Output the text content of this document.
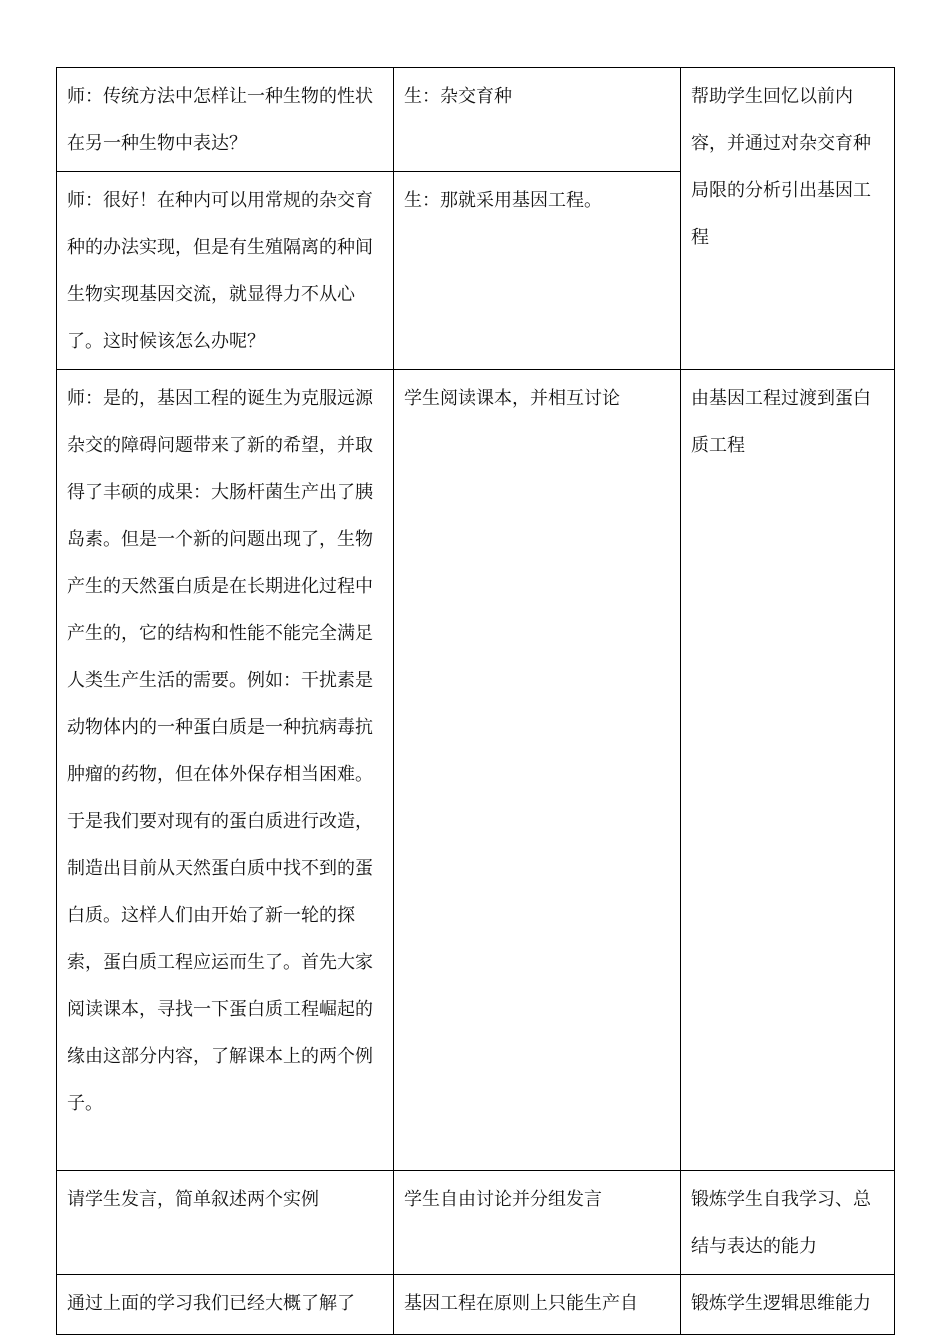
师：传统方法中怎样让一种生物的性状在另一种生物中表达？	生：杂交育种	帮助学生回忆以前内容，并通过对杂交育种局限的分析引出基因工程
师：很好！在种内可以用常规的杂交育种的办法实现，但是有生殖隔离的种间生物实现基因交流，就显得力不从心了。这时候该怎么办呢？	生：那就采用基因工程。	
师：是的，基因工程的诞生为克服远源杂交的障碍问题带来了新的希望，并取得了丰硕的成果：大肠杆菌生产出了胰岛素。但是一个新的问题出现了，生物产生的天然蛋白质是在长期进化过程中产生的，它的结构和性能不能完全满足人类生产生活的需要。例如：干扰素是动物体内的一种蛋白质是一种抗病毒抗肿瘤的药物，但在体外保存相当困难。于是我们要对现有的蛋白质进行改造，制造出目前从天然蛋白质中找不到的蛋白质。这样人们由开始了新一轮的探索，蛋白质工程应运而生了。首先大家阅读课本，寻找一下蛋白质工程崛起的缘由这部分内容，了解课本上的两个例子。	学生阅读课本，并相互讨论	由基因工程过渡到蛋白质工程
请学生发言，简单叙述两个实例	学生自由讨论并分组发言	锻炼学生自我学习、总结与表达的能力
通过上面的学习我们已经大概了解了	基因工程在原则上只能生产自	锻炼学生逻辑思维能力
